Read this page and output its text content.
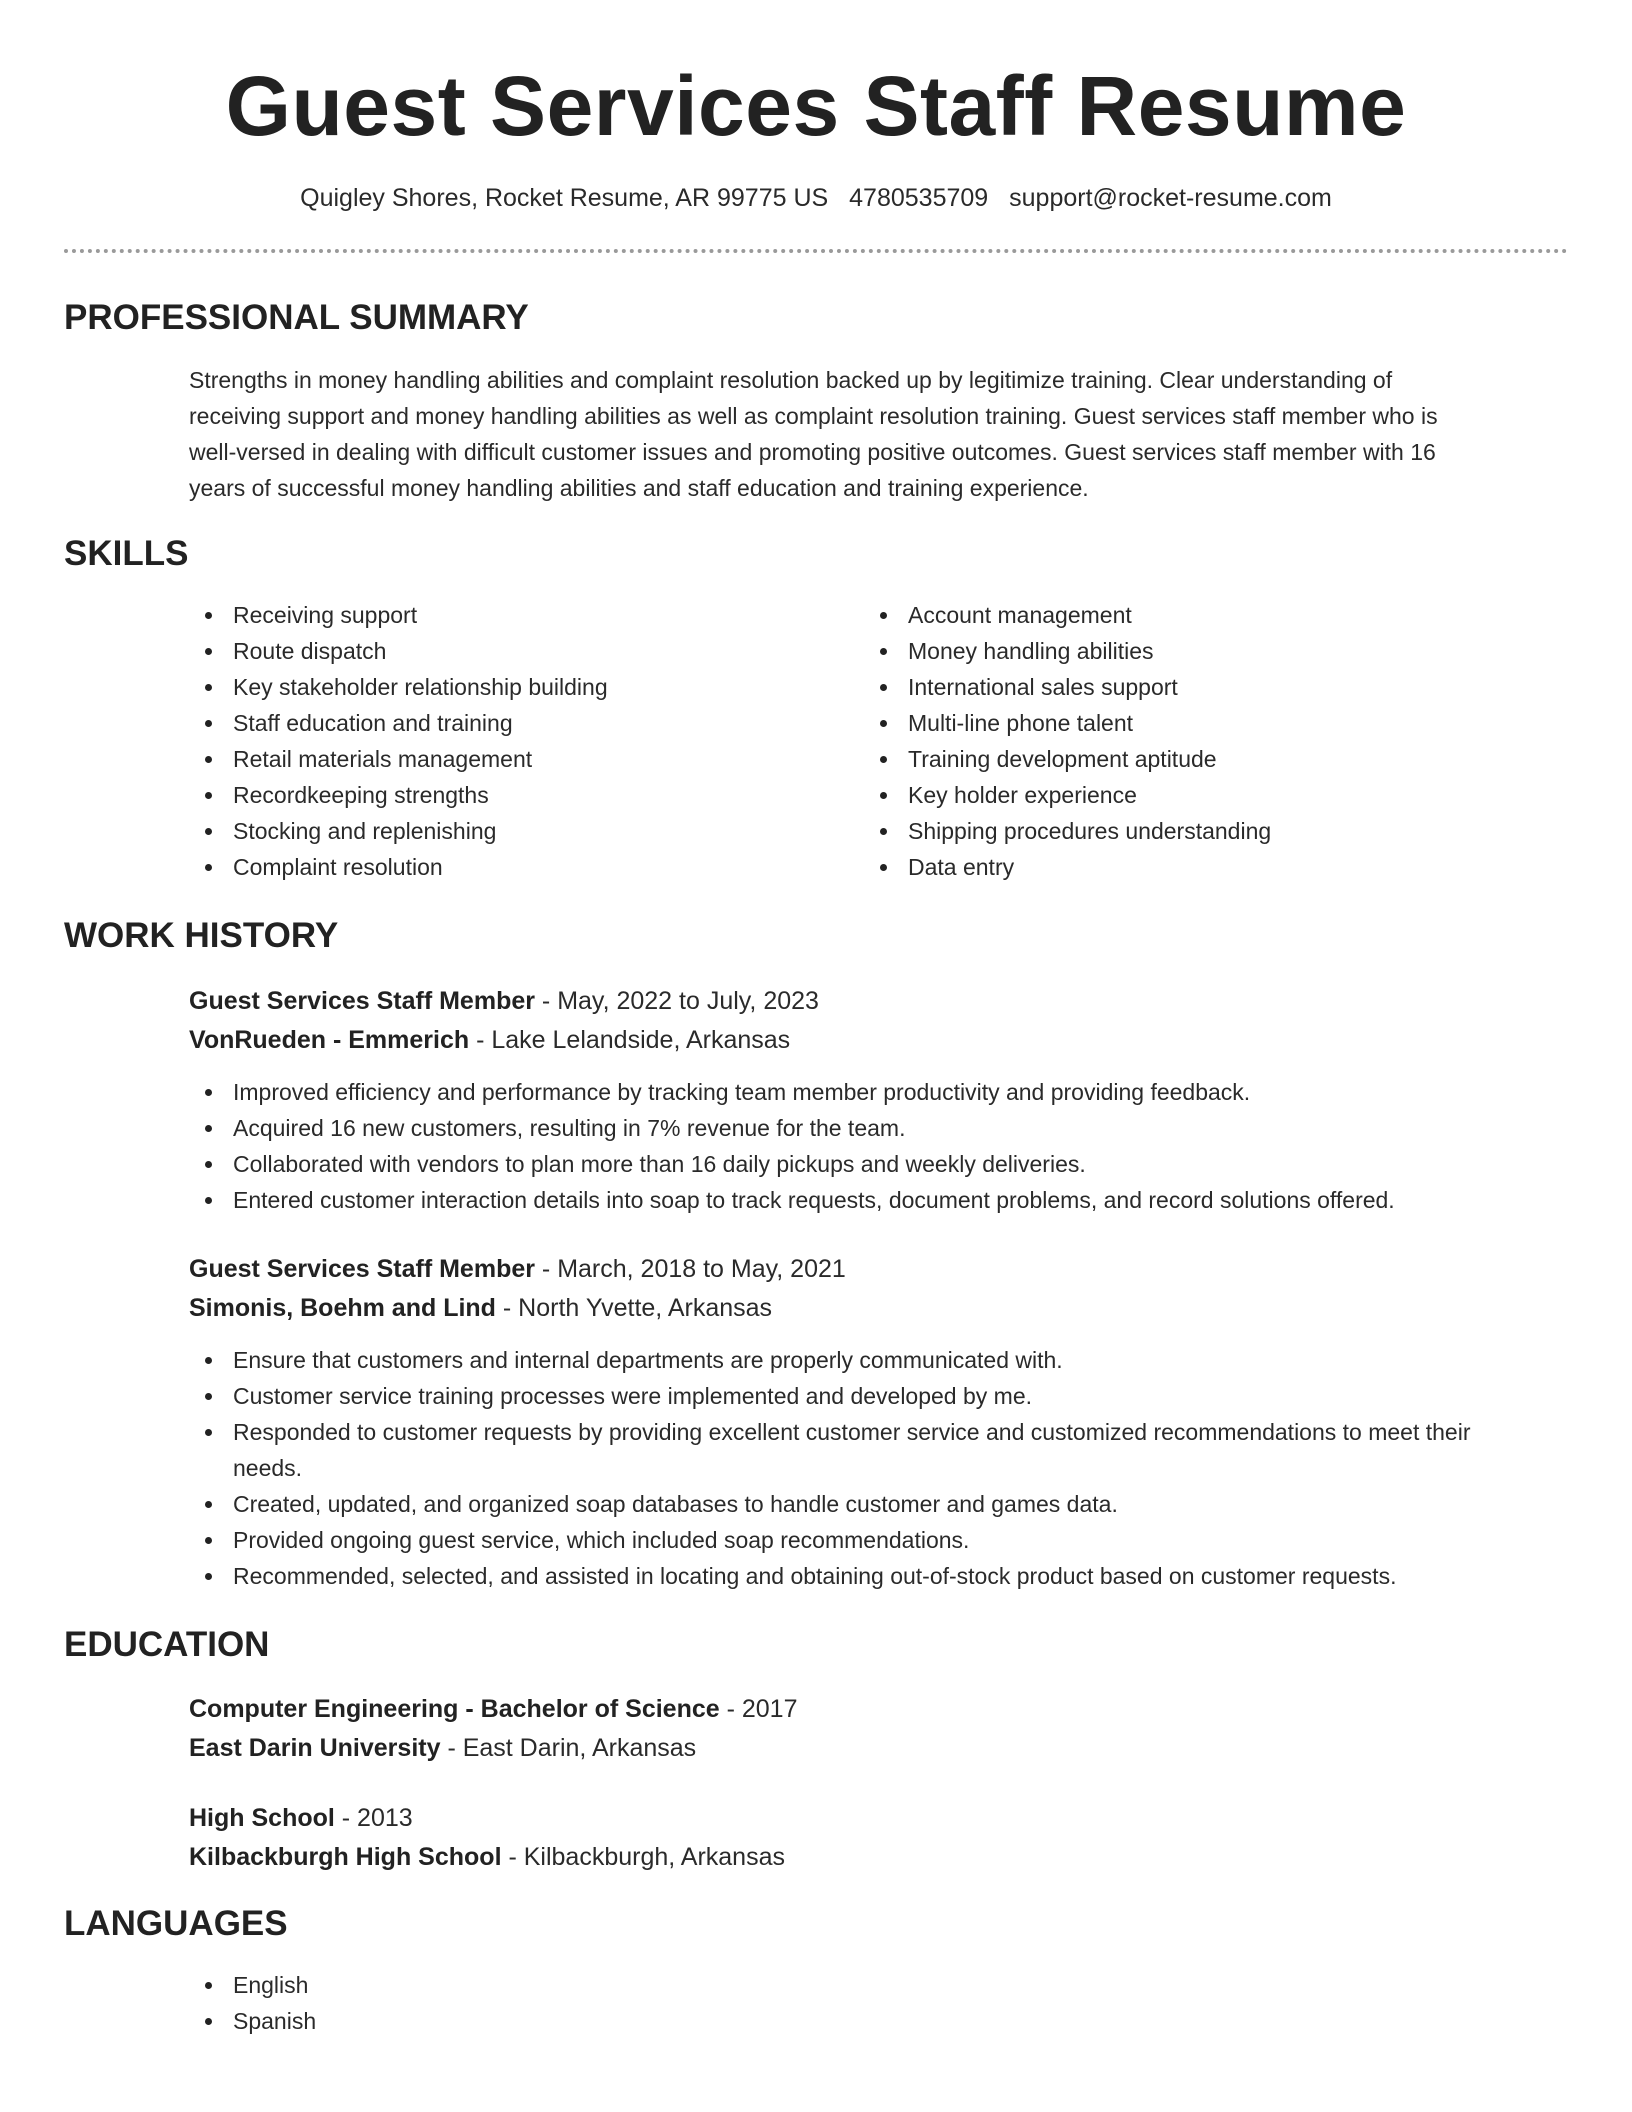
Guest Services Staff Resume
Quigley Shores, Rocket Resume, AR 99775 US 4780535709 support@rocket-resume.com
PROFESSIONAL SUMMARY
Strengths in money handling abilities and complaint resolution backed up by legitimize training. Clear understanding of
receiving support and money handling abilities as well as complaint resolution training. Guest services staff member who is
well-versed in dealing with difficult customer issues and promoting positive outcomes. Guest services staff member with 16
years of successful money handling abilities and staff education and training experience.
SKILLS
Receiving support
Route dispatch
Key stakeholder relationship building
Staff education and training
Retail materials management
Recordkeeping strengths
Stocking and replenishing
Complaint resolution
Account management
Money handling abilities
International sales support
Multi-line phone talent
Training development aptitude
Key holder experience
Shipping procedures understanding
Data entry
WORK HISTORY
Guest Services Staff Member - May, 2022 to July, 2023
VonRueden - Emmerich - Lake Lelandside, Arkansas
Improved efficiency and performance by tracking team member productivity and providing feedback.
Acquired 16 new customers, resulting in 7% revenue for the team.
Collaborated with vendors to plan more than 16 daily pickups and weekly deliveries.
Entered customer interaction details into soap to track requests, document problems, and record solutions offered.
Guest Services Staff Member - March, 2018 to May, 2021
Simonis, Boehm and Lind - North Yvette, Arkansas
Ensure that customers and internal departments are properly communicated with.
Customer service training processes were implemented and developed by me.
Responded to customer requests by providing excellent customer service and customized recommendations to meet their needs.
Created, updated, and organized soap databases to handle customer and games data.
Provided ongoing guest service, which included soap recommendations.
Recommended, selected, and assisted in locating and obtaining out-of-stock product based on customer requests.
EDUCATION
Computer Engineering - Bachelor of Science - 2017
East Darin University - East Darin, Arkansas
High School - 2013
Kilbackburgh High School - Kilbackburgh, Arkansas
LANGUAGES
English
Spanish
